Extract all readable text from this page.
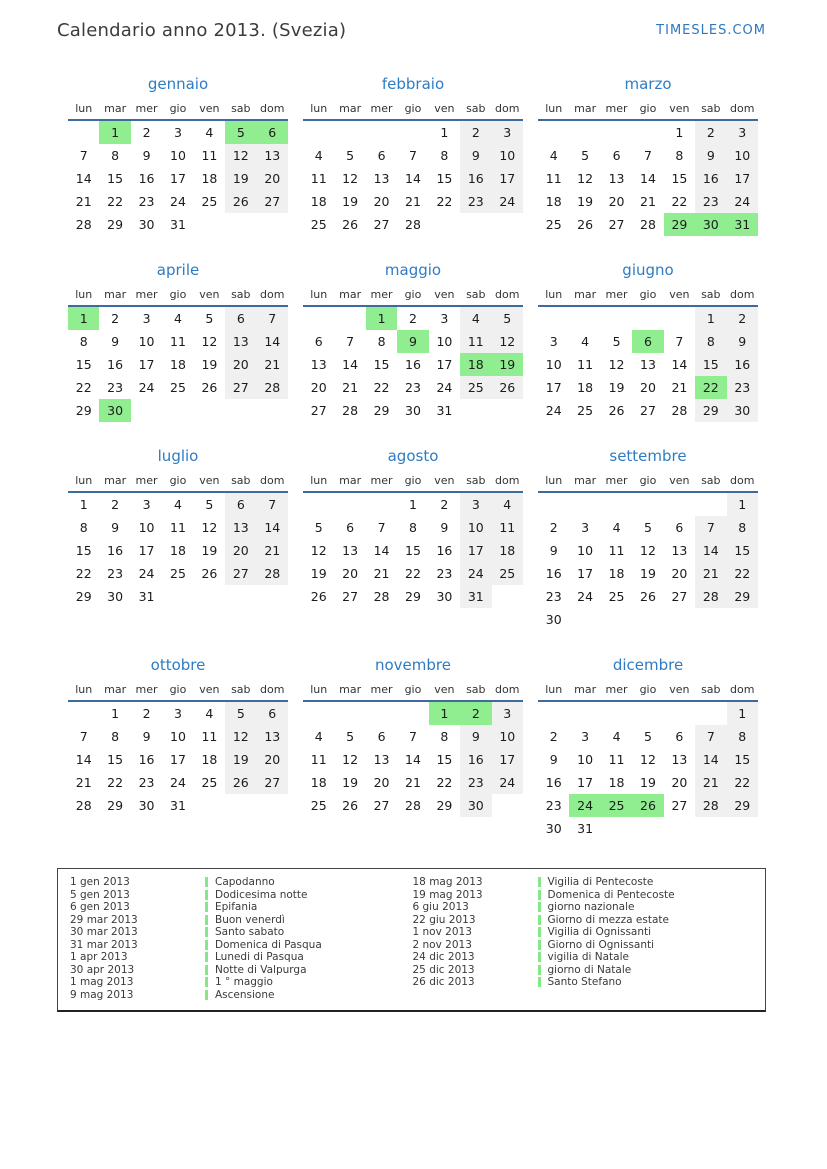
Calendario anno 2013. (Svezia)	TIMESLES.COM
gennaio
lun	mar	mer	gio	ven	sab	dom
	1	2	3	4	5	6
7	8	9	10	11	12	13
14	15	16	17	18	19	20
21	22	23	24	25	26	27
28	29	30	31			
febbraio
lun	mar	mer	gio	ven	sab	dom
				1	2	3
4	5	6	7	8	9	10
11	12	13	14	15	16	17
18	19	20	21	22	23	24
25	26	27	28			
marzo
lun	mar	mer	gio	ven	sab	dom
				1	2	3
4	5	6	7	8	9	10
11	12	13	14	15	16	17
18	19	20	21	22	23	24
25	26	27	28	29	30	31
aprile
lun	mar	mer	gio	ven	sab	dom
1	2	3	4	5	6	7
8	9	10	11	12	13	14
15	16	17	18	19	20	21
22	23	24	25	26	27	28
29	30					
maggio
lun	mar	mer	gio	ven	sab	dom
		1	2	3	4	5
6	7	8	9	10	11	12
13	14	15	16	17	18	19
20	21	22	23	24	25	26
27	28	29	30	31		
giugno
lun	mar	mer	gio	ven	sab	dom
					1	2
3	4	5	6	7	8	9
10	11	12	13	14	15	16
17	18	19	20	21	22	23
24	25	26	27	28	29	30
luglio
lun	mar	mer	gio	ven	sab	dom
1	2	3	4	5	6	7
8	9	10	11	12	13	14
15	16	17	18	19	20	21
22	23	24	25	26	27	28
29	30	31				
agosto
lun	mar	mer	gio	ven	sab	dom
			1	2	3	4
5	6	7	8	9	10	11
12	13	14	15	16	17	18
19	20	21	22	23	24	25
26	27	28	29	30	31	
settembre
lun	mar	mer	gio	ven	sab	dom
						1
2	3	4	5	6	7	8
9	10	11	12	13	14	15
16	17	18	19	20	21	22
23	24	25	26	27	28	29
30						
ottobre
lun	mar	mer	gio	ven	sab	dom
	1	2	3	4	5	6
7	8	9	10	11	12	13
14	15	16	17	18	19	20
21	22	23	24	25	26	27
28	29	30	31			
novembre
lun	mar	mer	gio	ven	sab	dom
				1	2	3
4	5	6	7	8	9	10
11	12	13	14	15	16	17
18	19	20	21	22	23	24
25	26	27	28	29	30	
dicembre
lun	mar	mer	gio	ven	sab	dom
						1
2	3	4	5	6	7	8
9	10	11	12	13	14	15
16	17	18	19	20	21	22
23	24	25	26	27	28	29
30	31					
1 gen 2013	Capodanno
5 gen 2013	Dodicesima notte
6 gen 2013	Epifania
29 mar 2013	Buon venerdì
30 mar 2013	Santo sabato
31 mar 2013	Domenica di Pasqua
1 apr 2013	Lunedi di Pasqua
30 apr 2013	Notte di Valpurga
1 mag 2013	1 ° maggio
9 mag 2013	Ascensione
18 mag 2013	Vigilia di Pentecoste
19 mag 2013	Domenica di Pentecoste
6 giu 2013	giorno nazionale
22 giu 2013	Giorno di mezza estate
1 nov 2013	Vigilia di Ognissanti
2 nov 2013	Giorno di Ognissanti
24 dic 2013	vigilia di Natale
25 dic 2013	giorno di Natale
26 dic 2013	Santo Stefano
